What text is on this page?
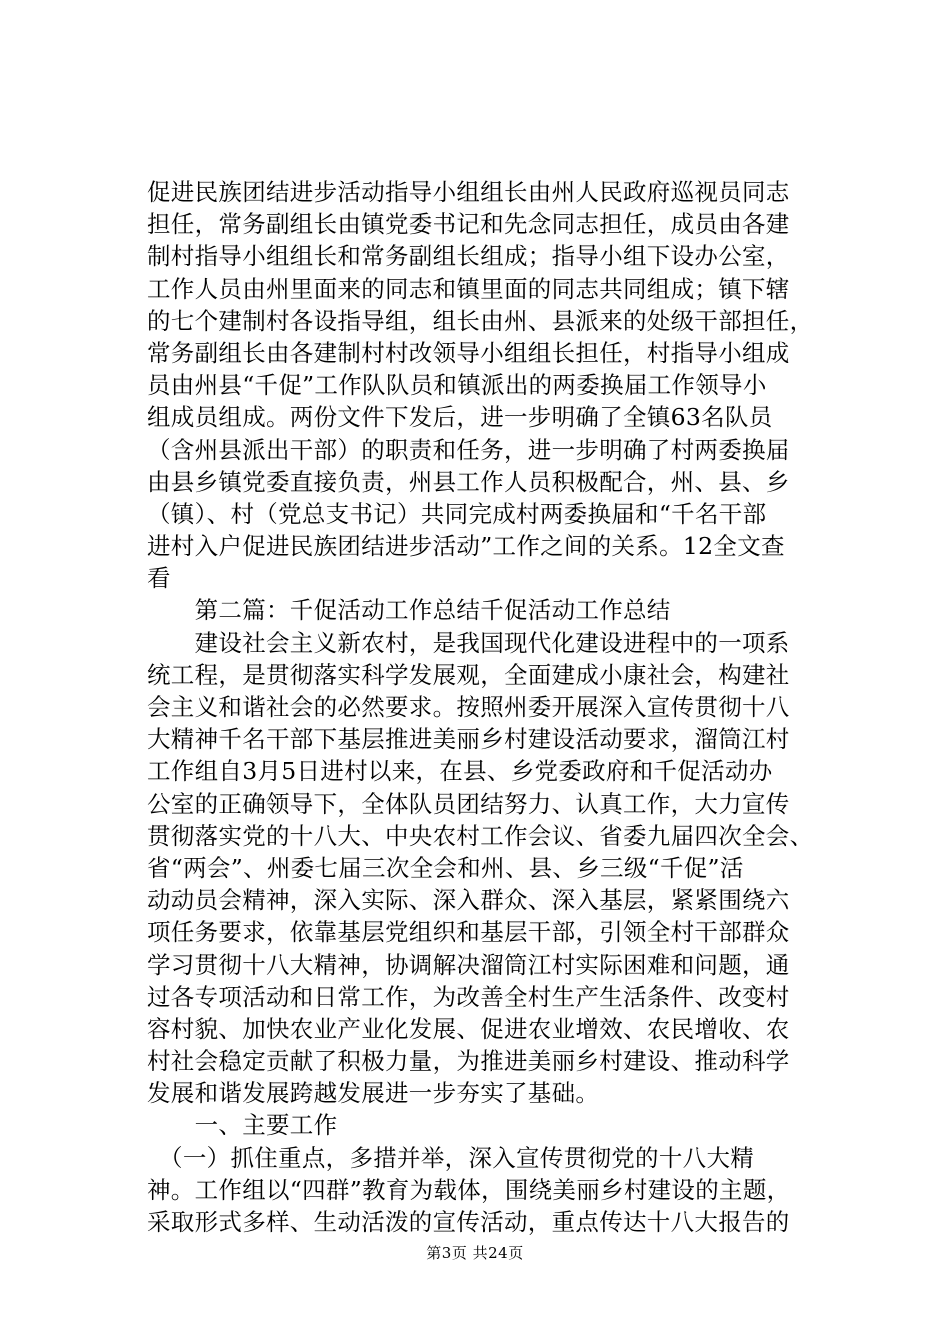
促进民族团结进步活动指导小组组长由州人民政府巡视员同志
担任，常务副组长由镇党委书记和先念同志担任，成员由各建
制村指导小组组长和常务副组长组成；指导小组下设办公室，
工作人员由州里面来的同志和镇里面的同志共同组成；镇下辖
的七个建制村各设指导组，组长由州、县派来的处级干部担任，
常务副组长由各建制村村改领导小组组长担任，村指导小组成
员由州县“千促”工作队队员和镇派出的两委换届工作领导小
组成员组成。两份文件下发后，进一步明确了全镇63名队员
（含州县派出干部）的职责和任务，进一步明确了村两委换届
由县乡镇党委直接负责，州县工作人员积极配合，州、县、乡
（镇）、村（党总支书记）共同完成村两委换届和“千名干部
进村入户促进民族团结进步活动”工作之间的关系。12全文查
看
　　第二篇：千促活动工作总结千促活动工作总结
　　建设社会主义新农村，是我国现代化建设进程中的一项系
统工程，是贯彻落实科学发展观，全面建成小康社会，构建社
会主义和谐社会的必然要求。按照州委开展深入宣传贯彻十八
大精神千名干部下基层推进美丽乡村建设活动要求，溜筒江村
工作组自3月5日进村以来，在县、乡党委政府和千促活动办
公室的正确领导下，全体队员团结努力、认真工作，大力宣传
贯彻落实党的十八大、中央农村工作会议、省委九届四次全会、
省“两会”、州委七届三次全会和州、县、乡三级“千促”活
动动员会精神，深入实际、深入群众、深入基层，紧紧围绕六
项任务要求，依靠基层党组织和基层干部，引领全村干部群众
学习贯彻十八大精神，协调解决溜筒江村实际困难和问题，通
过各专项活动和日常工作，为改善全村生产生活条件、改变村
容村貌、加快农业产业化发展、促进农业增效、农民增收、农
村社会稳定贡献了积极力量，为推进美丽乡村建设、推动科学
发展和谐发展跨越发展进一步夯实了基础。
　　一、主要工作
　（一）抓住重点，多措并举，深入宣传贯彻党的十八大精
神。工作组以“四群”教育为载体，围绕美丽乡村建设的主题，
采取形式多样、生动活泼的宣传活动，重点传达十八大报告的
第3页 共24页
